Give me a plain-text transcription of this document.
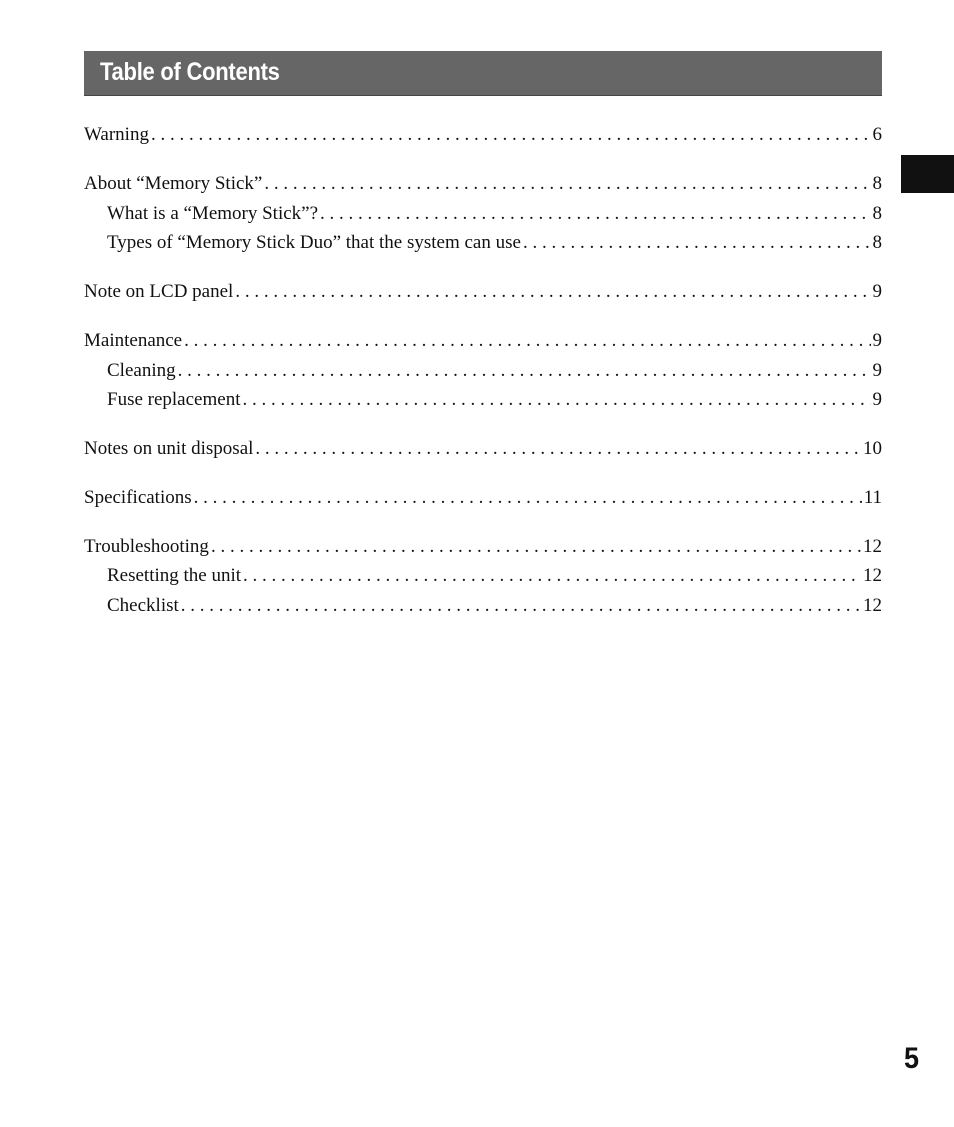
Table of Contents
Warning . . .	6
About “Memory Stick” . . .	8
What is a “Memory Stick”? . . .	8
Types of “Memory Stick Duo” that the system can use . . .	8
Note on LCD panel . . .	9
Maintenance . . .	9
Cleaning . . .	9
Fuse replacement . . .	9
Notes on unit disposal . . .	10
Specifications . . .	11
Troubleshooting . . .	12
Resetting the unit . . .	12
Checklist . . .	12
5
